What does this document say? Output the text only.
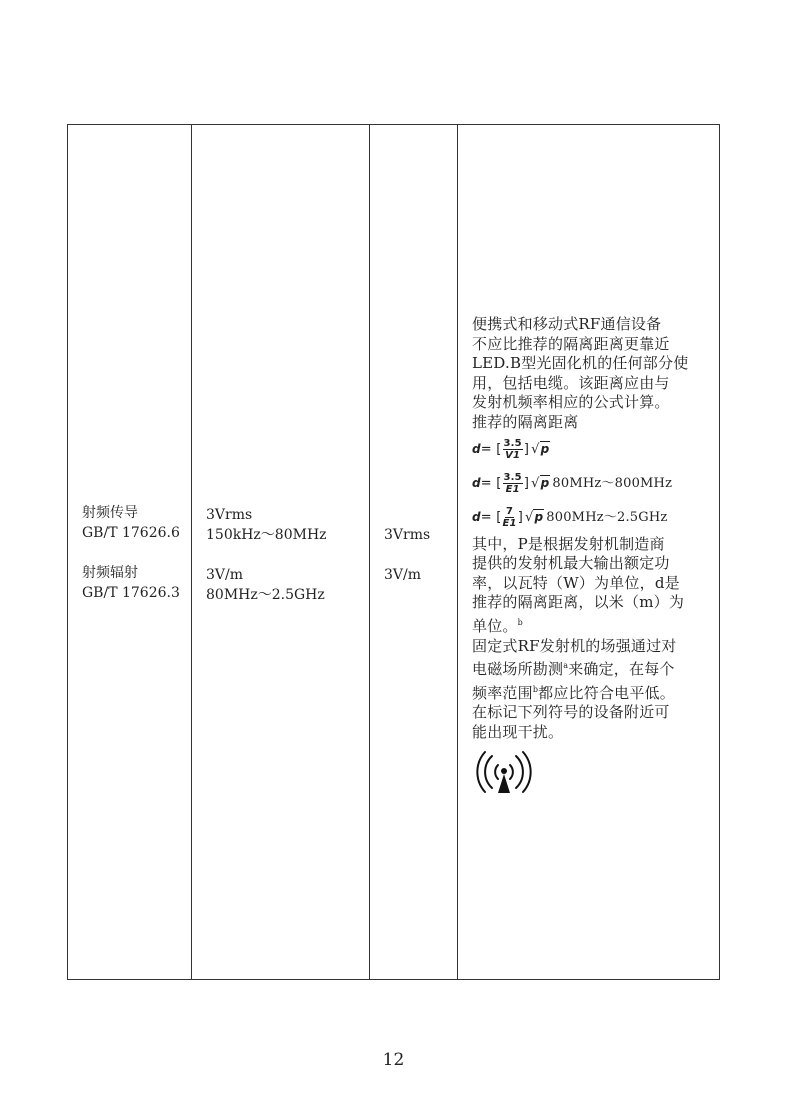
射频传导
GB/T 17626.6
射频辐射
GB/T 17626.3
3Vrms
150kHz～80MHz
3V/m
80MHz～2.5GHz
3Vrms
3V/m
便携式和移动式RF通信设备
不应比推荐的隔离距离更靠近
LED.B型光固化机的任何部分使
用，包括电缆。该距离应由与
发射机频率相应的公式计算。
推荐的隔离距离
d = [ $\frac{3.5}{V1}$ ] √p
d = [ $\frac{3.5}{E1}$ ] √p 80MHz～800MHz
d = [ $\frac{7}{E1}$ ] √p 800MHz～2.5GHz
其中，P是根据发射机制造商
提供的发射机最大输出额定功
率，以瓦特（W）为单位，d是
推荐的隔离距离，以米（m）为
单位。$^b$
固定式RF发射机的场强通过对
电磁场所勘测$^a$来确定，在每个
频率范围$^b$都应比符合电平低。
在标记下列符号的设备附近可
能出现干扰。
12
